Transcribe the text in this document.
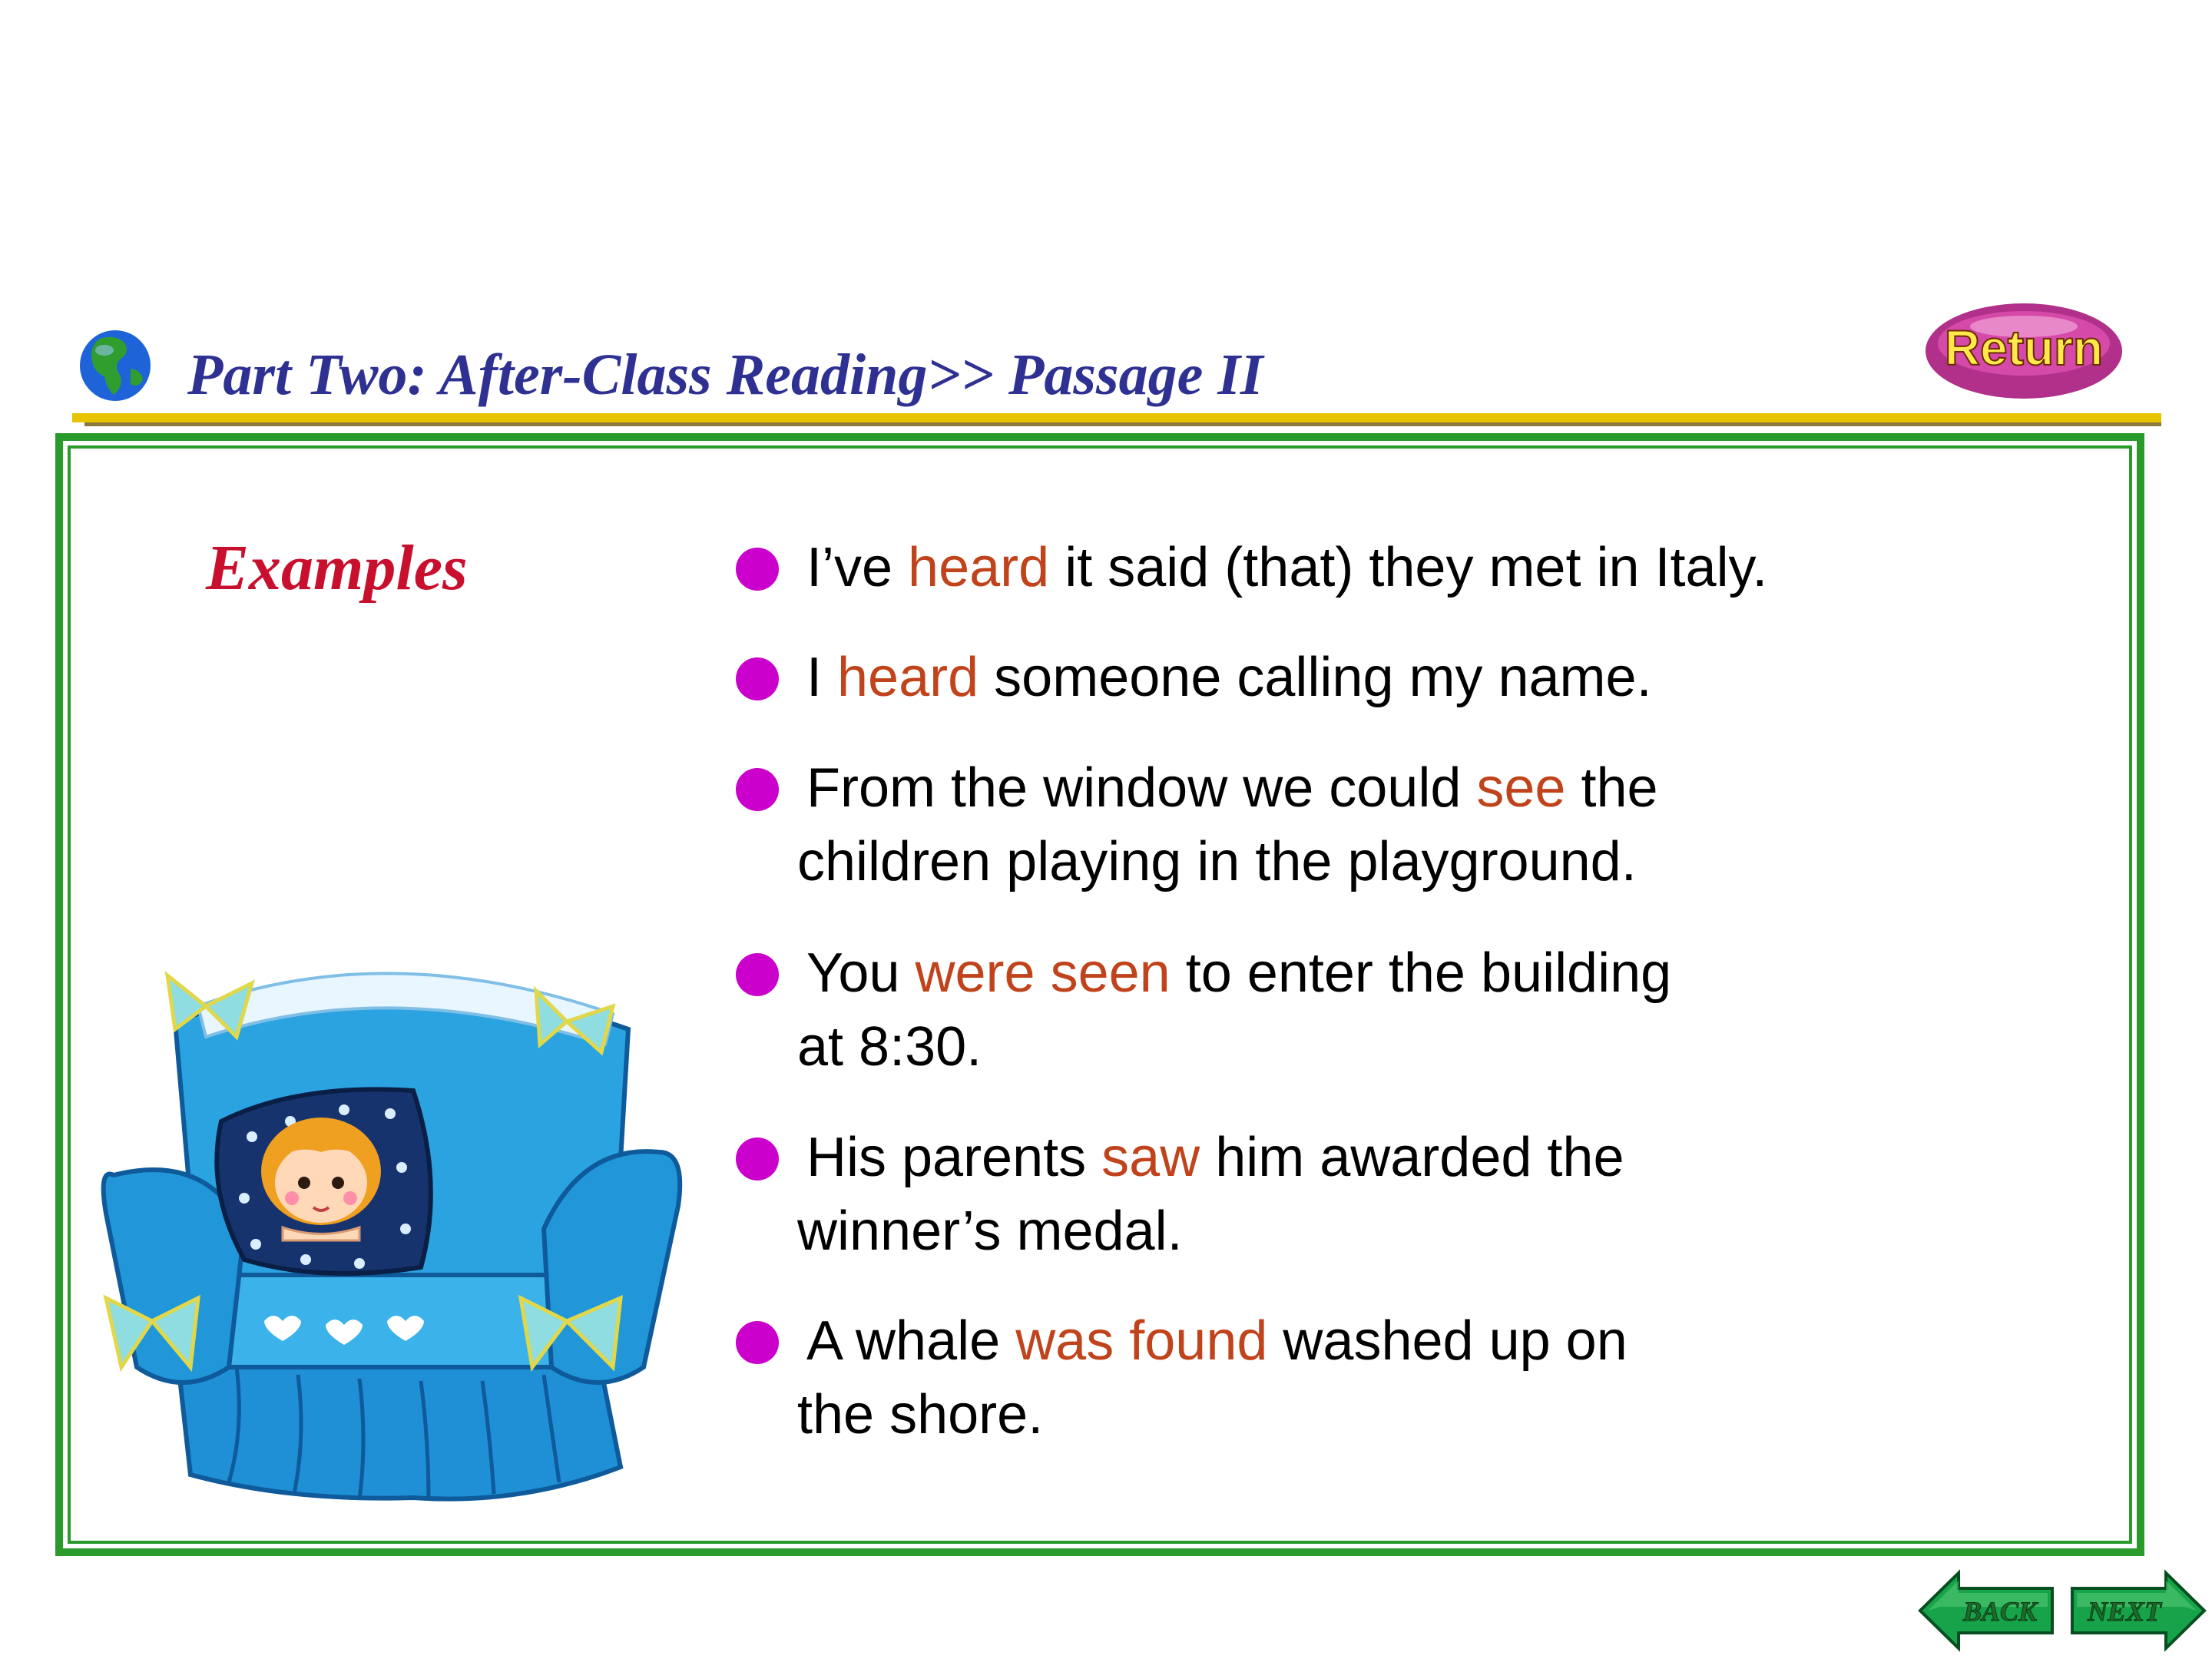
Part Two: After-Class Reading>> Passage II	Return
Examples	I’ve heard it said (that) they met in Italy.
I heard someone calling my name.
From the window we could see the
children playing in the playground.
You were seen to enter the building
at 8:30.
His parents saw him awarded the
winner’s medal.
A whale was found washed up on
the shore.
BACK NEXT
